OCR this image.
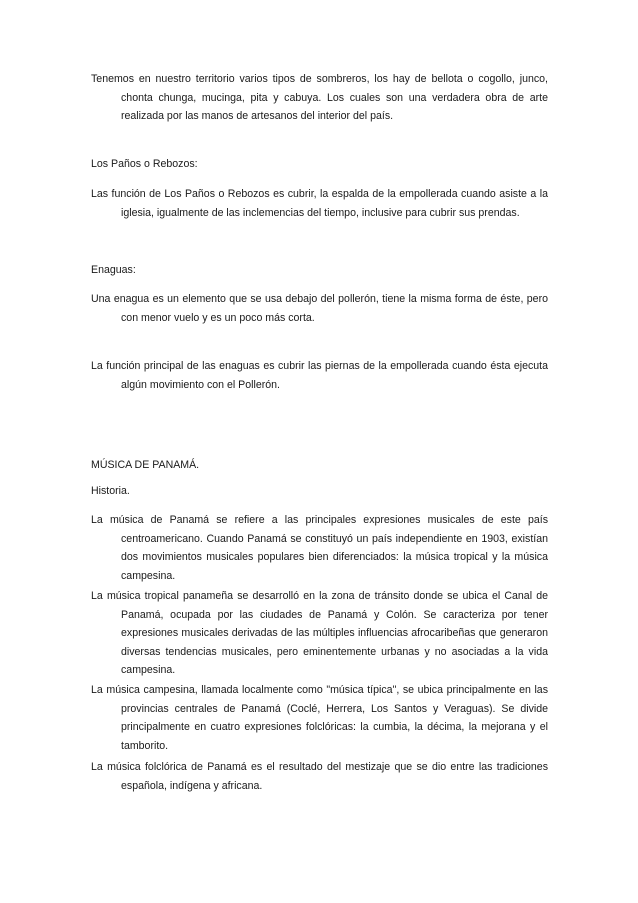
Tenemos en nuestro territorio varios tipos de sombreros, los hay de bellota o cogollo, junco, chonta chunga, mucinga, pita y cabuya. Los cuales son una verdadera obra de arte realizada por las manos de artesanos del interior del país.

Los Paños o Rebozos:

Las función de Los Paños o Rebozos es cubrir, la espalda de la empollerada cuando asiste a la iglesia, igualmente de las inclemencias del tiempo, inclusive para cubrir sus prendas.

Enaguas:

Una enagua es un elemento que se usa debajo del pollerón, tiene la misma forma de éste, pero con menor vuelo y es un poco más corta.

La función principal de las enaguas es cubrir las piernas de la empollerada cuando ésta ejecuta algún movimiento con el Pollerón.

MÚSICA DE PANAMÁ.

Historia.

La música de Panamá se refiere a las principales expresiones musicales de este país centroamericano. Cuando Panamá se constituyó un país independiente en 1903, existían dos movimientos musicales populares bien diferenciados: la música tropical y la música campesina.

La música tropical panameña se desarrolló en la zona de tránsito donde se ubica el Canal de Panamá, ocupada por las ciudades de Panamá y Colón. Se caracteriza por tener expresiones musicales derivadas de las múltiples influencias afrocaribeñas que generaron diversas tendencias musicales, pero eminentemente urbanas y no asociadas a la vida campesina.

La música campesina, llamada localmente como "música típica", se ubica principalmente en las provincias centrales de Panamá (Coclé, Herrera, Los Santos y Veraguas). Se divide principalmente en cuatro expresiones folclóricas: la cumbia, la décima, la mejorana y el tamborito.

La música folclórica de Panamá es el resultado del mestizaje que se dio entre las tradiciones española, indígena y africana.
